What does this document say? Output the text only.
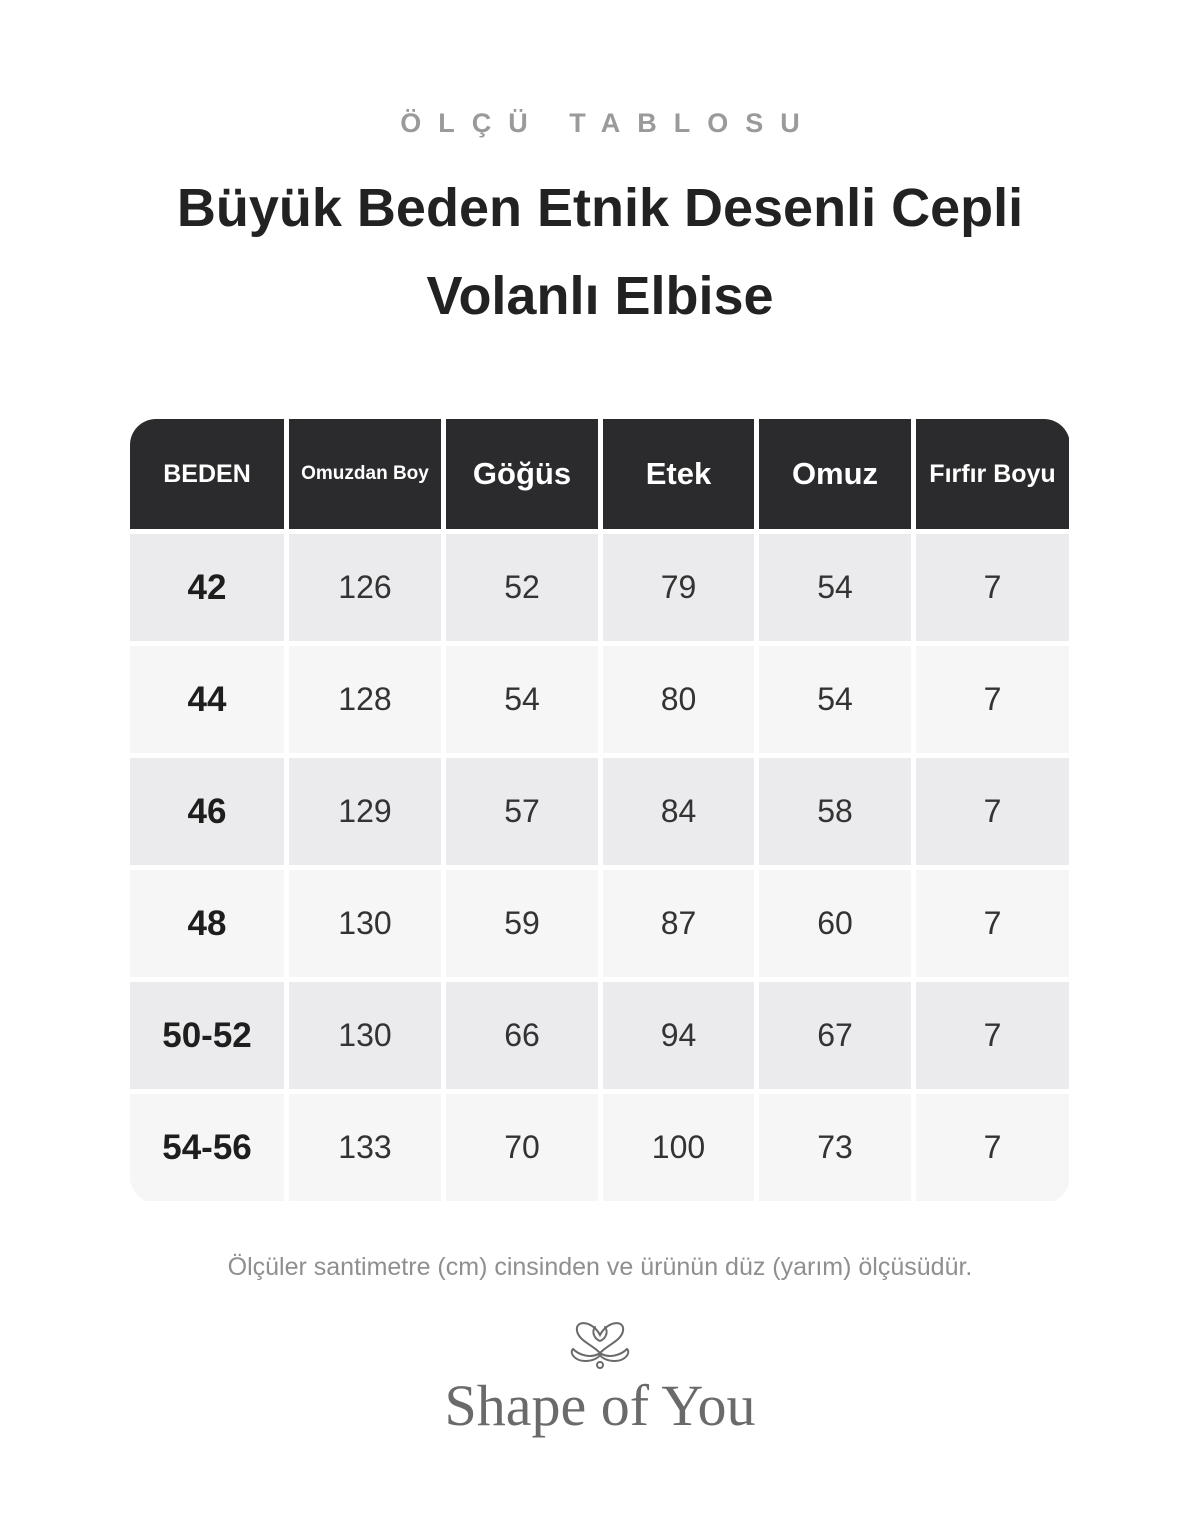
ÖLÇÜ TABLOSU
Büyük Beden Etnik Desenli Cepli
Volanlı Elbise
BEDEN	Omuzdan Boy	Göğüs	Etek	Omuz	Fırfır Boyu
42	126	52	79	54	7
44	128	54	80	54	7
46	129	57	84	58	7
48	130	59	87	60	7
50-52	130	66	94	67	7
54-56	133	70	100	73	7
Ölçüler santimetre (cm) cinsinden ve ürünün düz (yarım) ölçüsüdür.
Shape of You
